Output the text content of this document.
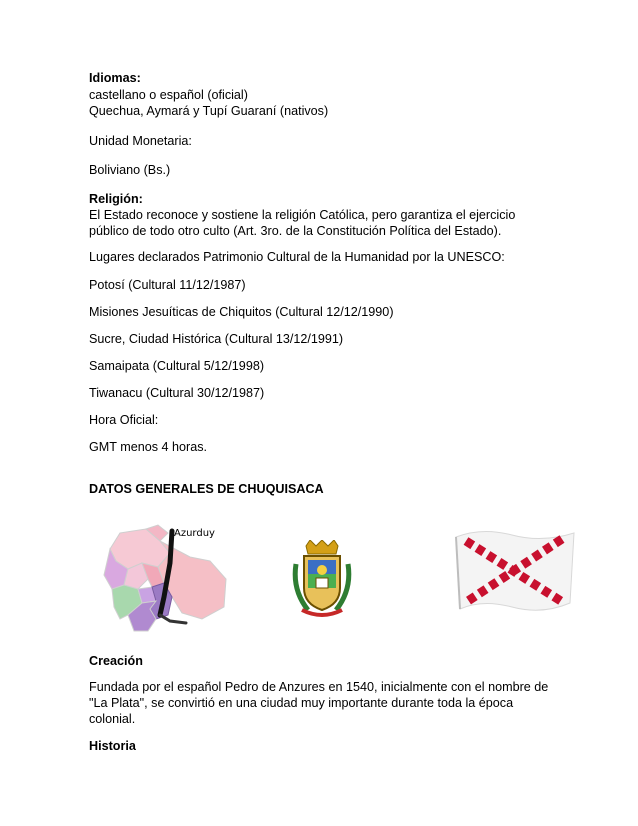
Idiomas:
castellano o español (oficial)
Quechua, Aymará y Tupí Guaraní (nativos)
Unidad Monetaria:
Boliviano (Bs.)
Religión:
El Estado reconoce y sostiene la religión Católica, pero garantiza el ejercicio
público de todo otro culto (Art. 3ro. de la Constitución Política del Estado).
Lugares declarados Patrimonio Cultural de la Humanidad por la UNESCO:
Potosí (Cultural 11/12/1987)
Misiones Jesuíticas de Chiquitos (Cultural 12/12/1990)
Sucre, Ciudad Histórica (Cultural 13/12/1991)
Samaipata (Cultural 5/12/1998)
Tiwanacu (Cultural 30/12/1987)
Hora Oficial:
GMT menos 4 horas.
DATOS GENERALES DE CHUQUISACA
Azurduy
Creación
Fundada por el español Pedro de Anzures en 1540, inicialmente con el nombre de
"La Plata", se convirtió en una ciudad muy importante durante toda la época
colonial.
Historia
